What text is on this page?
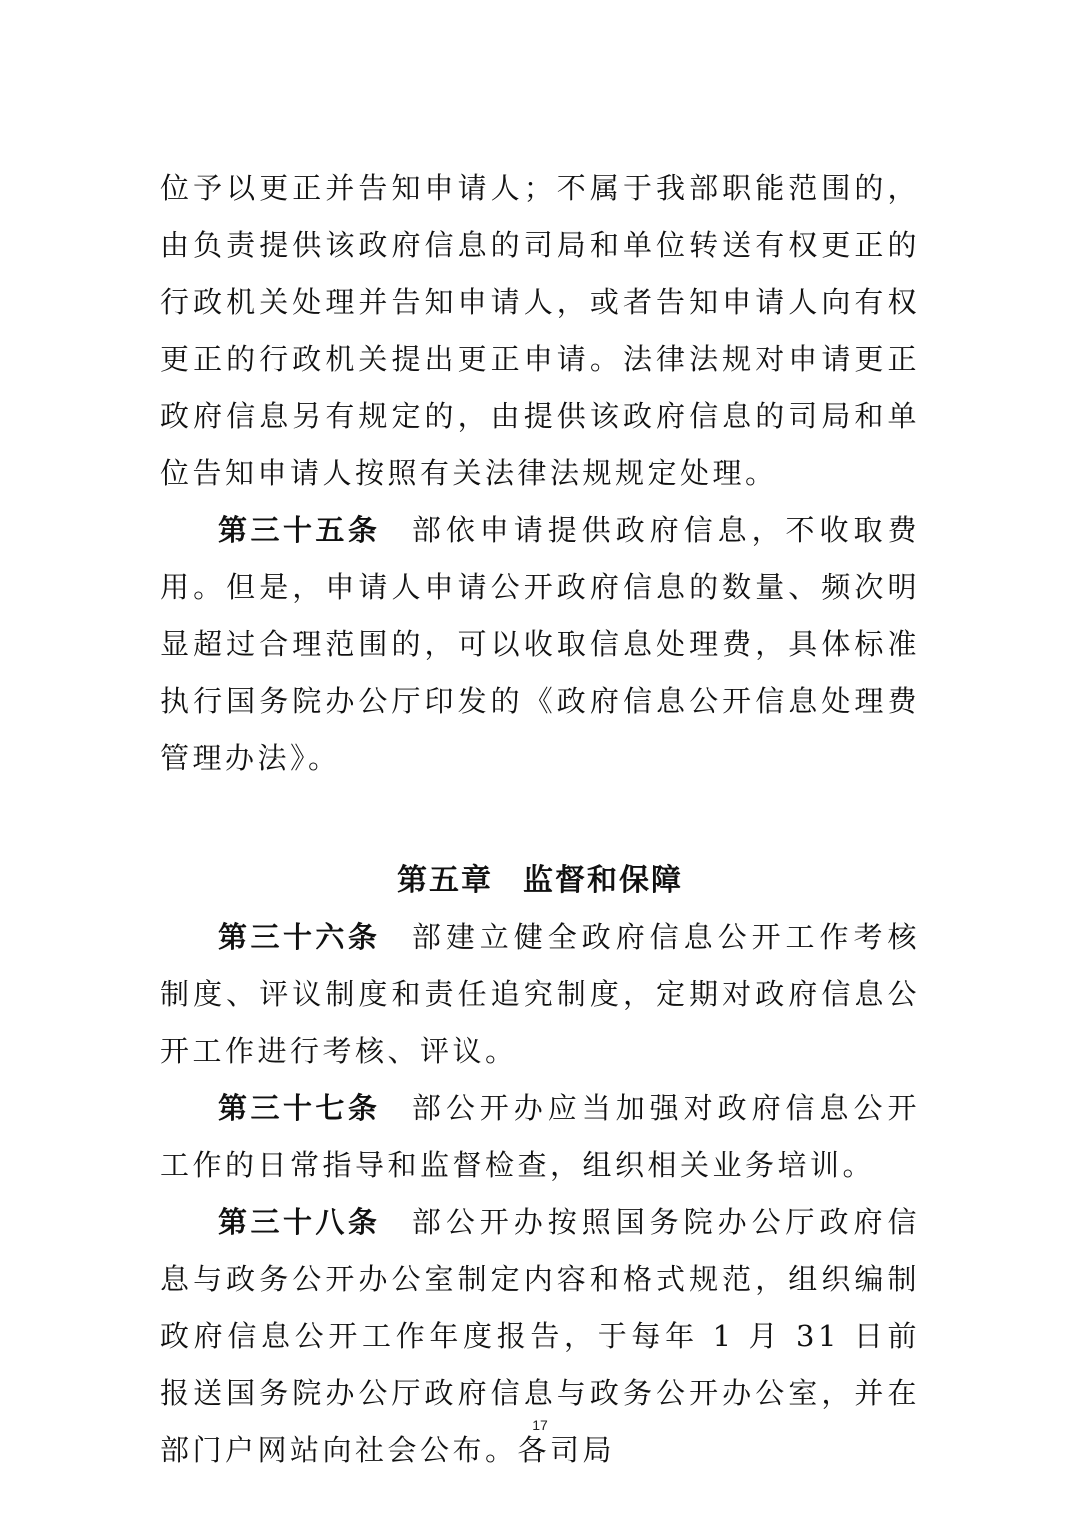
位予以更正并告知申请人；不属于我部职能范围的，由负责提供该政府信息的司局和单位转送有权更正的行政机关处理并告知申请人，或者告知申请人向有权更正的行政机关提出更正申请。法律法规对申请更正政府信息另有规定的，由提供该政府信息的司局和单位告知申请人按照有关法律法规规定处理。

第三十五条 部依申请提供政府信息，不收取费用。但是，申请人申请公开政府信息的数量、频次明显超过合理范围的，可以收取信息处理费，具体标准执行国务院办公厅印发的《政府信息公开信息处理费管理办法》。

第五章 监督和保障

第三十六条 部建立健全政府信息公开工作考核制度、评议制度和责任追究制度，定期对政府信息公开工作进行考核、评议。

第三十七条 部公开办应当加强对政府信息公开工作的日常指导和监督检查，组织相关业务培训。

第三十八条 部公开办按照国务院办公厅政府信息与政务公开办公室制定内容和格式规范，组织编制政府信息公开工作年度报告，于每年 1 月 31 日前报送国务院办公厅政府信息与政务公开办公室，并在部门户网站向社会公布。各司局

17
